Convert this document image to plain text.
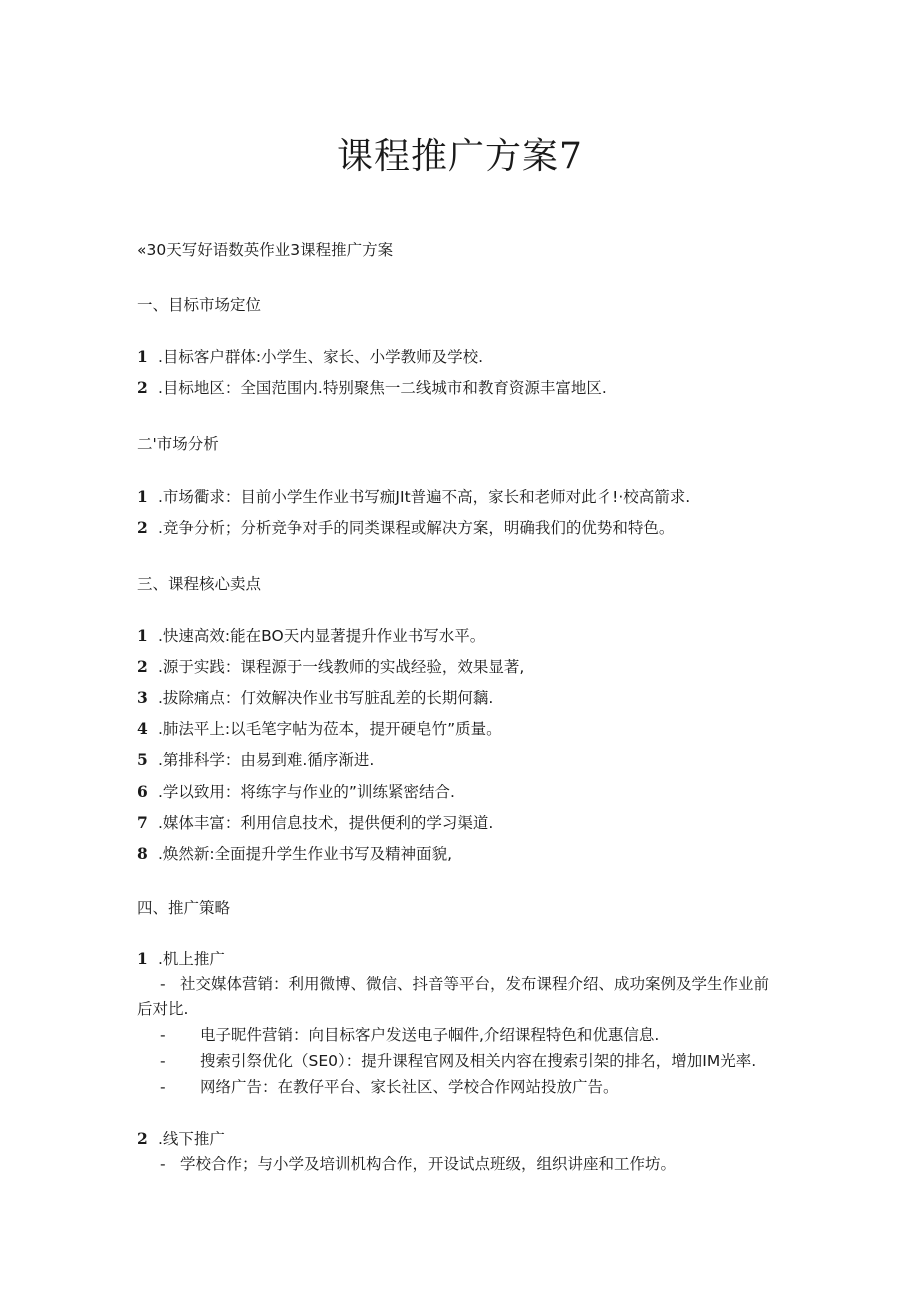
课程推广方案7
«30天写好语数英作业3课程推广方案
一、目标市场定位
1 .目标客户群体:小学生、家长、小学教师及学校.
2 .目标地区：全国范围内.特别聚焦一二线城市和教育资源丰富地区.
二'市场分析
1 .市场衢求：目前小学生作业书写痂JIt普遍不高，家长和老师对此彳!·校高箭求.
2 .竞争分析；分析竞争对手的同类课程或解决方案，明确我们的优势和特色。
三、课程核心卖点
1 .快速高效:能在BO天内显著提升作业书写水平。
2 .源于实践：课程源于一线教师的实战经验，效果显著,
3 .拔除痛点：仃效解决作业书写脏乱差的长期何黐.
4 .肺法平上:以毛笔字帖为莅本，提开硬皂竹”质量。
5 .第排科学：由易到难.循序渐进.
6 .学以致用：将练字与作业的”训练紧密结合.
7 .媒体丰富：利用信息技术，提供便利的学习渠道.
8 .焕然新:全面提升学生作业书写及精神面貌,
四、推广策略
1 .机上推广
- 社交媒体营销：利用微博、微信、抖音等平台，发布课程介绍、成功案例及学生作业前
后对比.
- 电子昵件营销：向目标客户发送电子帼件,介绍课程特色和优惠信息.
- 搜索引祭优化（SE0）：提升课程官网及相关内容在搜索引架的排名，增加IM光率.
- 网络广告：在教仔平台、家长社区、学校合作网站投放广告。
2 .线下推广
- 学校合作；与小学及培训机构合作，开设试点班级，组织讲座和工作坊。
